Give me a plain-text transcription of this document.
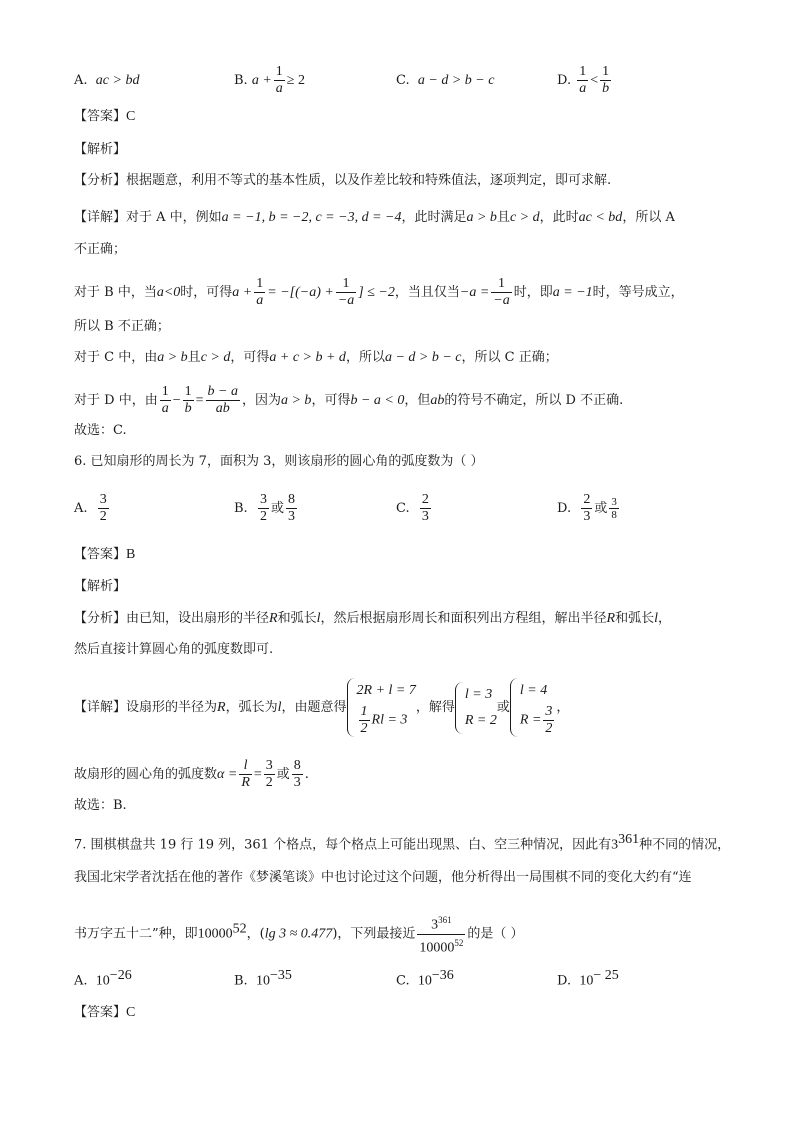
A. ac > bd	B. $a + \frac{1}{a} \ge 2$	C. a − d > b − c	D. $\frac{1}{a} < \frac{1}{b}$
【答案】C
【解析】
【分析】根据题意，利用不等式的基本性质，以及作差比较和特殊值法，逐项判定，即可求解.
【详解】对于 A 中，例如a = −1, b = −2, c = −3, d = −4，此时满足a > b且c > d，此时ac < bd，所以 A
不正确；
对于 B 中，当a<0时，可得$a + \frac{1}{a} = -[(-a) + \frac{1}{-a}$ ] ≤ −2，当且仅当$-a = \frac{1}{-a}$ 时，即a = −1时，等号成立，
所以 B 不正确；
对于 C 中，由a > b且c > d，可得a + c > b + d，所以a − d > b − c，所以 C 正确；
对于 D 中，由 $\frac{1}{a} - \frac{1}{b} = \frac{b - a}{ab}$ ，因为a > b，可得b − a < 0，但ab的符号不确定，所以 D 不正确.
故选：C.
6. 已知扇形的周长为 7，面积为 3，则该扇形的圆心角的弧度数为（ ）
A. $\frac{3}{2}$	B. $\frac{3}{2}$ 或 $\frac{8}{3}$	C. $\frac{2}{3}$	D. $\frac{2}{3}$ 或 $\frac{3}{8}$
【答案】B
【解析】
【分析】由已知，设出扇形的半径R和弧长l，然后根据扇形周长和面积列出方程组，解出半径R和弧长l，
然后直接计算圆心角的弧度数即可.
【详解】设扇形的半径为R，弧长为l，由题意得
2R + l = 7
$\frac{1}{2}$ Rl = 3
，解得
l = 3
R = 2
或
l = 4
$R = \frac{3}{2}$ ，
故扇形的圆心角的弧度数$\alpha = \frac{l}{R} = \frac{3}{2}$ 或 $\frac{8}{3}$ .
故选：B.
7. 围棋棋盘共 19 行 19 列，361 个格点，每个格点上可能出现黑、白、空三种情况，因此有$3^{361}$种不同的情况，
我国北宋学者沈括在他的著作《梦溪笔谈》中也讨论过这个问题，他分析得出一局围棋不同的变化大约有“连
书万字五十二”种，即10000$^{52}$，(lg 3 ≈ 0.477)，下列最接近 $\frac{3^{361}}{10000^{52}}$ 的是（ ）
A. $10^{-26}$	B. $10^{-35}$	C. $10^{-36}$	D. $10^{- 25}$
【答案】C
